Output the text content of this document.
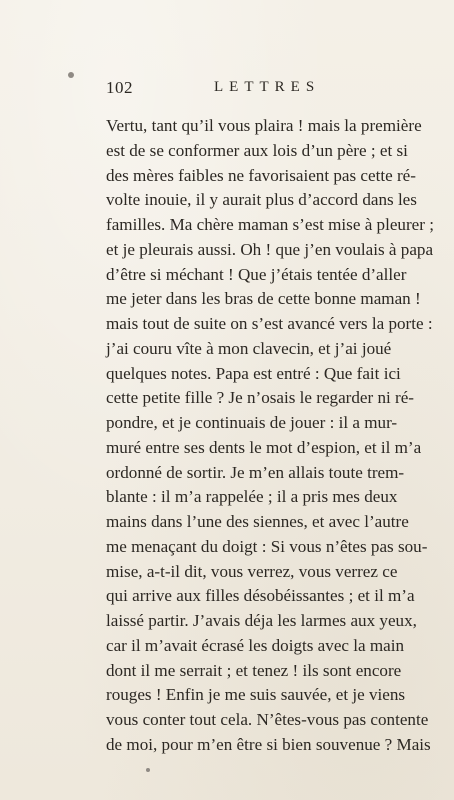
102	LETTRES
Vertu, tant qu’il vous plaira ! mais la première
est de se conformer aux lois d’un père ; et si
des mères faibles ne favorisaient pas cette ré-
volte inouie, il y aurait plus d’accord dans les
familles. Ma chère maman s’est mise à pleurer ;
et je pleurais aussi. Oh ! que j’en voulais à papa
d’être si méchant ! Que j’étais tentée d’aller
me jeter dans les bras de cette bonne maman !
mais tout de suite on s’est avancé vers la porte :
j’ai couru vîte à mon clavecin, et j’ai joué
quelques notes. Papa est entré : Que fait ici
cette petite fille ? Je n’osais le regarder ni ré-
pondre, et je continuais de jouer : il a mur-
muré entre ses dents le mot d’espion, et il m’a
ordonné de sortir. Je m’en allais toute trem-
blante : il m’a rappelée ; il a pris mes deux
mains dans l’une des siennes, et avec l’autre
me menaçant du doigt : Si vous n’êtes pas sou-
mise, a-t-il dit, vous verrez, vous verrez ce
qui arrive aux filles désobéissantes ; et il m’a
laissé partir. J’avais déja les larmes aux yeux,
car il m’avait écrasé les doigts avec la main
dont il me serrait ; et tenez ! ils sont encore
rouges ! Enfin je me suis sauvée, et je viens
vous conter tout cela. N’êtes-vous pas contente
de moi, pour m’en être si bien souvenue ? Mais
